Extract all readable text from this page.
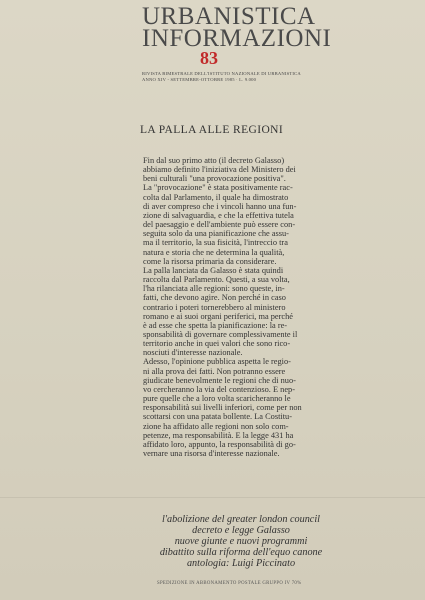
URBANISTICA
INFORMAZIONI
83
RIVISTA BIMESTRALE DELL'ISTITUTO NAZIONALE DI URBANISTICA
ANNO XIV - SETTEMBRE-OTTOBRE 1985 · L. 9.000
LA PALLA ALLE REGIONI
Fin dal suo primo atto (il decreto Galasso)
abbiamo definito l'iniziativa del Ministero dei
beni culturali "una provocazione positiva".
La "provocazione" è stata positivamente rac-
colta dal Parlamento, il quale ha dimostrato
di aver compreso che i vincoli hanno una fun-
zione di salvaguardia, e che la effettiva tutela
del paesaggio e dell'ambiente può essere con-
seguita solo da una pianificazione che assu-
ma il territorio, la sua fisicità, l'intreccio tra
natura e storia che ne determina la qualità,
come la risorsa primaria da considerare.
La palla lanciata da Galasso è stata quindi
raccolta dal Parlamento. Questi, a sua volta,
l'ha rilanciata alle regioni: sono queste, in-
fatti, che devono agire. Non perché in caso
contrario i poteri tornerebbero al ministero
romano e ai suoi organi periferici, ma perché
è ad esse che spetta la pianificazione: la re-
sponsabilità di governare complessivamente il
territorio anche in quei valori che sono rico-
nosciuti d'interesse nazionale.
Adesso, l'opinione pubblica aspetta le regio-
ni alla prova dei fatti. Non potranno essere
giudicate benevolmente le regioni che di nuo-
vo cercheranno la via del contenzioso. E nep-
pure quelle che a loro volta scaricheranno le
responsabilità sui livelli inferiori, come per non
scottarsi con una patata bollente. La Costitu-
zione ha affidato alle regioni non solo com-
petenze, ma responsabilità. E la legge 431 ha
affidato loro, appunto, la responsabilità di go-
vernare una risorsa d'interesse nazionale.
l'abolizione del greater london council
decreto e legge Galasso
nuove giunte e nuovi programmi
dibattito sulla riforma dell'equo canone
antologia: Luigi Piccinato
SPEDIZIONE IN ABBONAMENTO POSTALE GRUPPO IV 70%
